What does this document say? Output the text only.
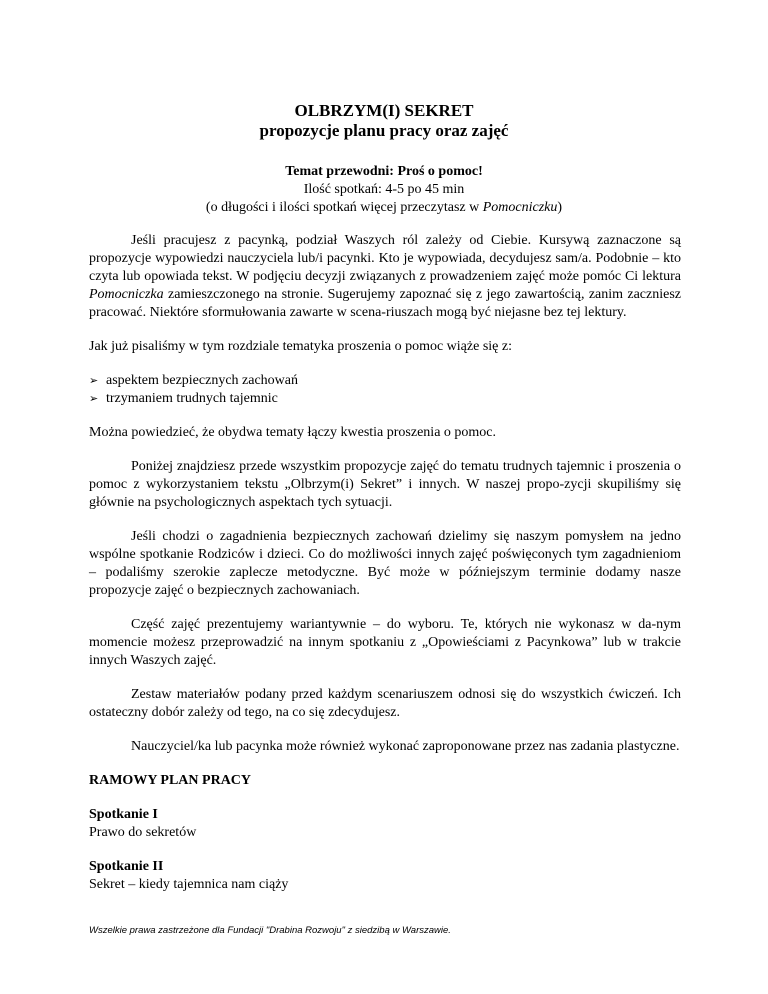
OLBRZYM(I) SEKRET
propozycje planu pracy oraz zajęć
Temat przewodni: Proś o pomoc!
Ilość spotkań: 4-5 po 45 min
(o długości i ilości spotkań więcej przeczytasz w Pomocniczku)

Jeśli pracujesz z pacynką, podział Waszych ról zależy od Ciebie. Kursywą zaznaczone są propozycje wypowiedzi nauczyciela lub/i pacynki. Kto je wypowiada, decydujesz sam/a. Podobnie – kto czyta lub opowiada tekst. W podjęciu decyzji związanych z prowadzeniem zajęć może pomóc Ci lektura Pomocniczka zamieszczonego na stronie. Sugerujemy zapoznać się z jego zawartością, zanim zaczniesz pracować. Niektóre sformułowania zawarte w scena-riuszach mogą być niejasne bez tej lektury.

Jak już pisaliśmy w tym rozdziale tematyka proszenia o pomoc wiąże się z:

➢ aspektem bezpiecznych zachowań
➢ trzymaniem trudnych tajemnic

Można powiedzieć, że obydwa tematy łączy kwestia proszenia o pomoc.

Poniżej znajdziesz przede wszystkim propozycje zajęć do tematu trudnych tajemnic i proszenia o pomoc z wykorzystaniem tekstu „Olbrzym(i) Sekret” i innych. W naszej propo-zycji skupiliśmy się głównie na psychologicznych aspektach tych sytuacji.

Jeśli chodzi o zagadnienia bezpiecznych zachowań dzielimy się naszym pomysłem na jedno wspólne spotkanie Rodziców i dzieci. Co do możliwości innych zajęć poświęconych tym zagadnieniom – podaliśmy szerokie zaplecze metodyczne. Być może w późniejszym terminie dodamy nasze propozycje zajęć o bezpiecznych zachowaniach.

Część zajęć prezentujemy wariantywnie – do wyboru. Te, których nie wykonasz w da-nym momencie możesz przeprowadzić na innym spotkaniu z „Opowieściami z Pacynkowa” lub w trakcie innych Waszych zajęć.

Zestaw materiałów podany przed każdym scenariuszem odnosi się do wszystkich ćwiczeń. Ich ostateczny dobór zależy od tego, na co się zdecydujesz.

Nauczyciel/ka lub pacynka może również wykonać zaproponowane przez nas zadania plastyczne.

RAMOWY PLAN PRACY

Spotkanie I

Prawo do sekretów

Spotkanie II

Sekret – kiedy tajemnica nam ciąży

Wszelkie prawa zastrzeżone dla Fundacji "Drabina Rozwoju" z siedzibą w Warszawie.
